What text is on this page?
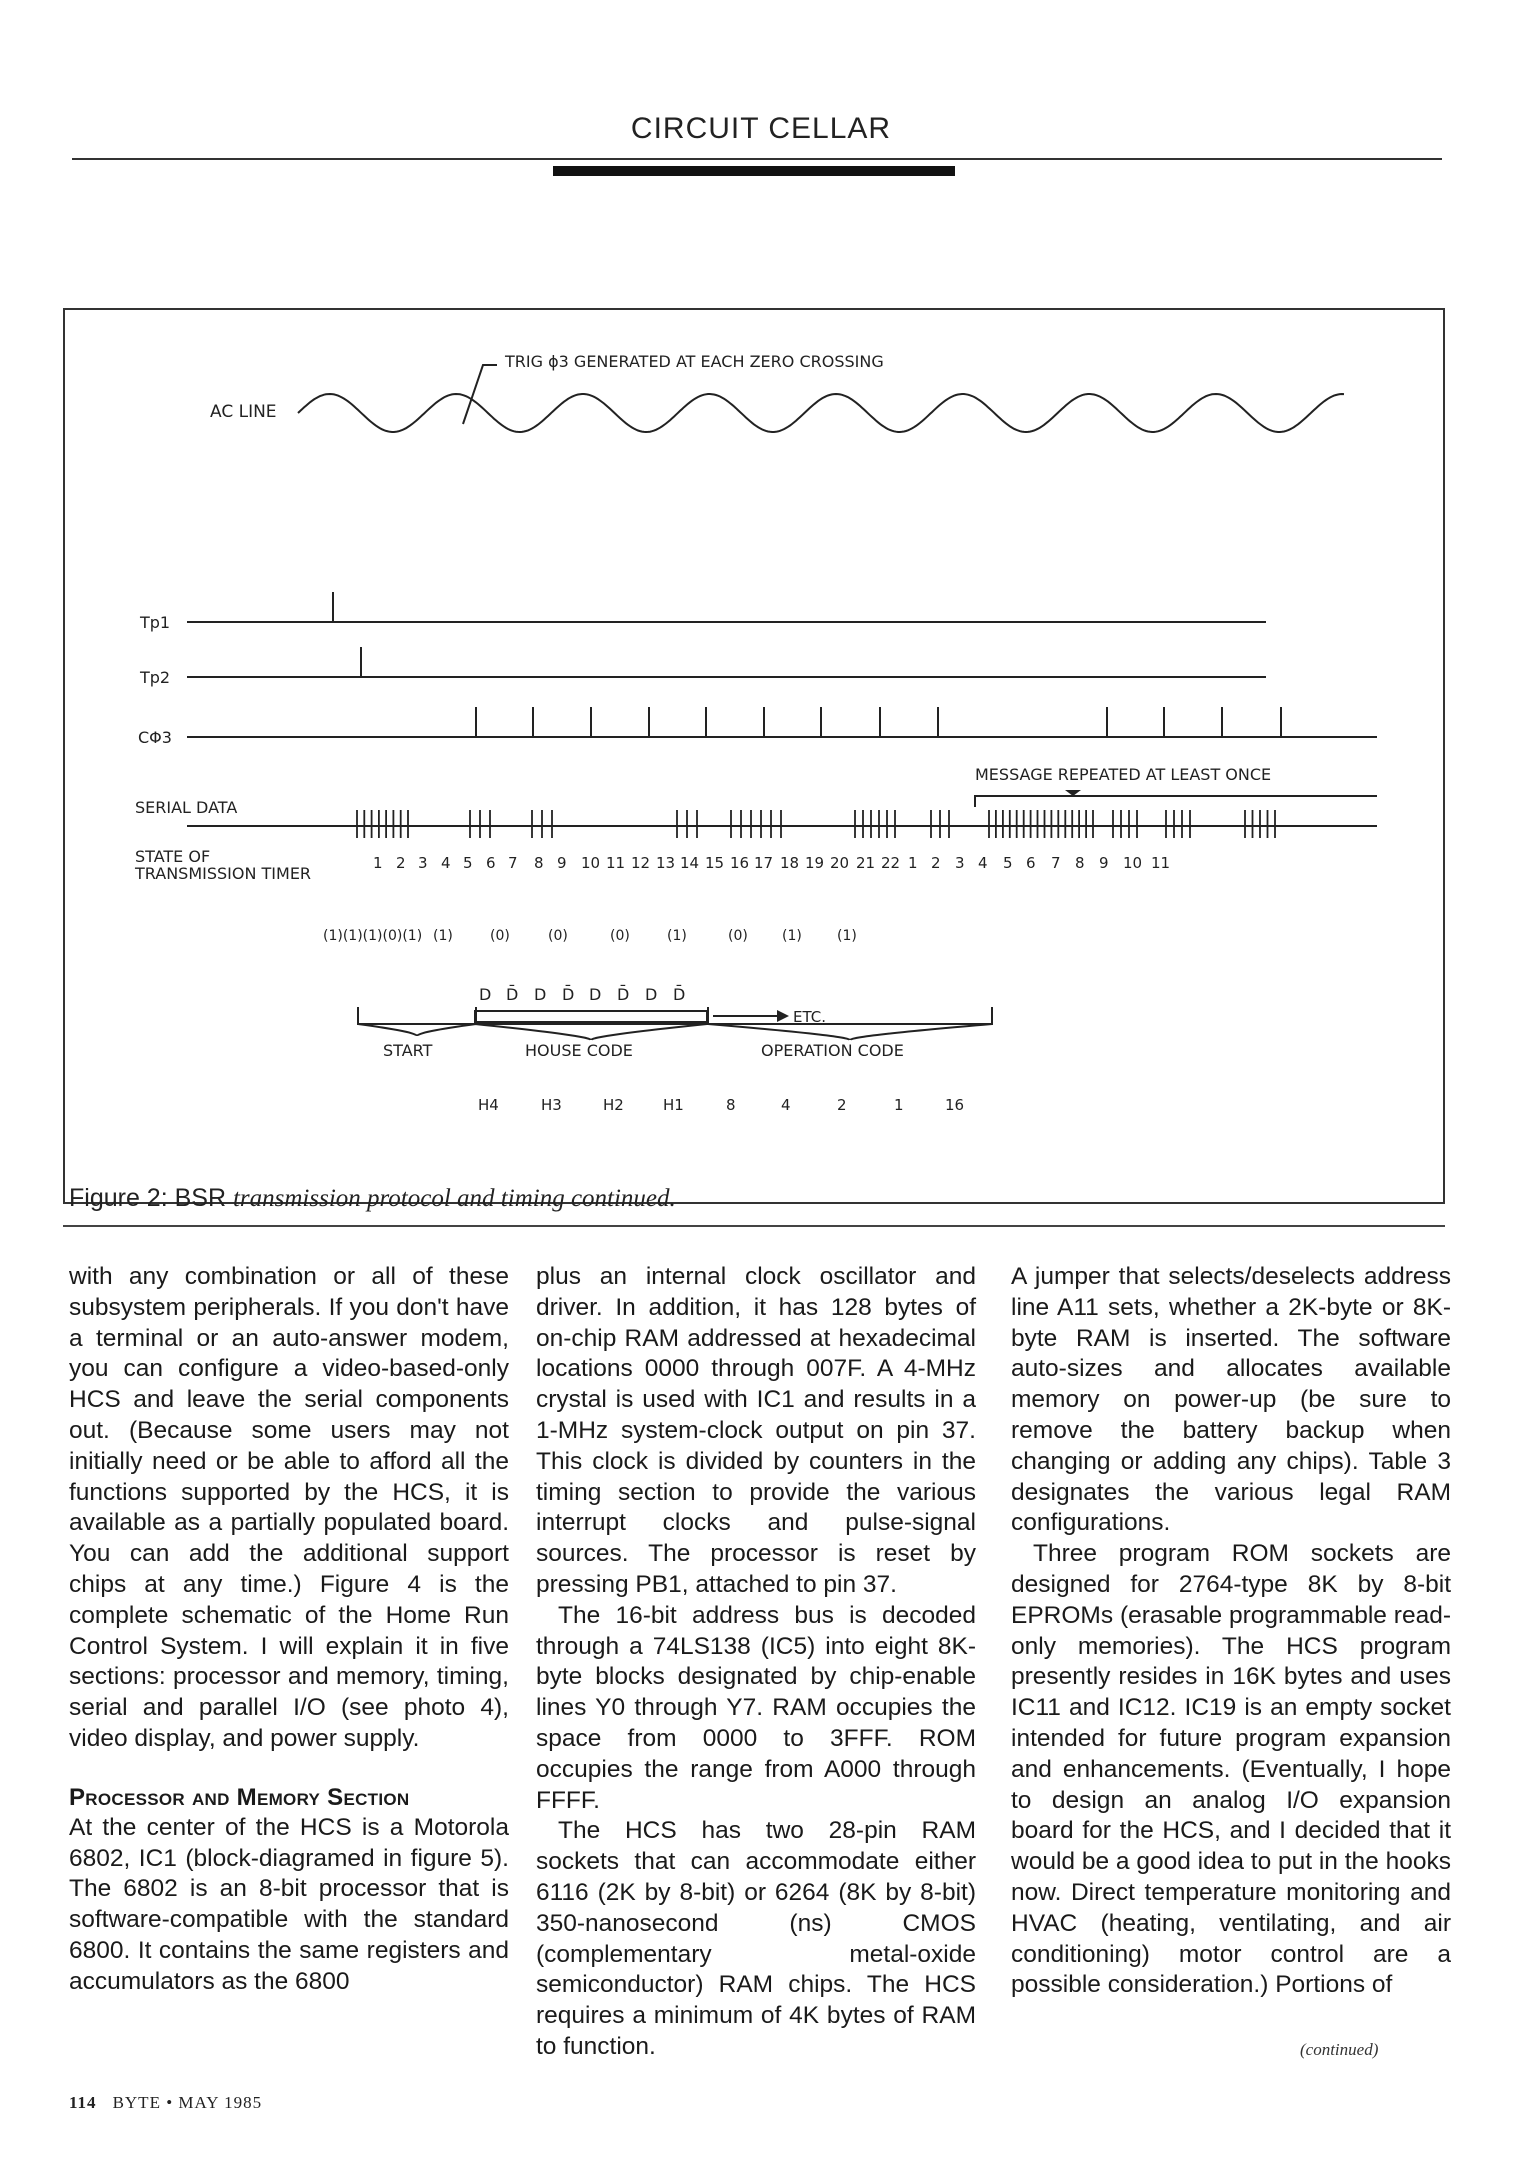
CIRCUIT CELLAR
TRIG ɸ3 GENERATED AT EACH ZERO CROSSING
AC LINE
Tp1
Tp2
CΦ3
SERIAL DATA
STATE OF
TRANSMISSION TIMER
MESSAGE REPEATED AT LEAST ONCE
1 2 3 4 5 6 7 8 9 10 11 12 13 14 15 16 17 18 19 20 21 22 1 2 3 4 5 6 7 8 9 10 11
(1)(1)(1)(0)(1) (1)	(0)	(0)	(0)	(1)	(0) (1)	(1)
D D̄ D D̄ D D̄ D D̄
ETC.
START	HOUSE CODE	OPERATION CODE
H4	H3	H2	H1	8	4	2	1	16
Figure 2: BSR transmission protocol and timing continued.

with any combination or all of these subsystem peripherals. If you don't have a terminal or an auto-answer modem, you can configure a video-based-only HCS and leave the serial components out. (Because some users may not initially need or be able to afford all the functions supported by the HCS, it is available as a partially populated board. You can add the additional support chips at any time.) Figure 4 is the complete schematic of the Home Run Control System. I will explain it in five sections: processor and memory, timing, serial and parallel I/O (see photo 4), video display, and power supply.

Processor and Memory Section

At the center of the HCS is a Motorola 6802, IC1 (block-diagramed in figure 5). The 6802 is an 8-bit processor that is software-compatible with the standard 6800. It contains the same registers and accumulators as the 6800

plus an internal clock oscillator and driver. In addition, it has 128 bytes of on-chip RAM addressed at hexadecimal locations 0000 through 007F. A 4-MHz crystal is used with IC1 and results in a 1-MHz system-clock output on pin 37. This clock is divided by counters in the timing section to provide the various interrupt clocks and pulse-signal sources. The processor is reset by pressing PB1, attached to pin 37.

The 16-bit address bus is decoded through a 74LS138 (IC5) into eight 8K-byte blocks designated by chip-enable lines Y0 through Y7. RAM occupies the space from 0000 to 3FFF. ROM occupies the range from A000 through FFFF.

The HCS has two 28-pin RAM sockets that can accommodate either 6116 (2K by 8-bit) or 6264 (8K by 8-bit) 350-nanosecond (ns) CMOS (complementary metal-oxide semiconductor) RAM chips. The HCS requires a minimum of 4K bytes of RAM to function.

A jumper that selects/deselects address line A11 sets, whether a 2K-byte or 8K-byte RAM is inserted. The software auto-sizes and allocates available memory on power-up (be sure to remove the battery backup when changing or adding any chips). Table 3 designates the various legal RAM configurations.

Three program ROM sockets are designed for 2764-type 8K by 8-bit EPROMs (erasable programmable read-only memories). The HCS program presently resides in 16K bytes and uses IC11 and IC12. IC19 is an empty socket intended for future program expansion and enhancements. (Eventually, I hope to design an analog I/O expansion board for the HCS, and I decided that it would be a good idea to put in the hooks now. Direct temperature monitoring and HVAC (heating, ventilating, and air conditioning) motor control are a possible consideration.) Portions of

(continued)
114 BYTE • MAY 1985
